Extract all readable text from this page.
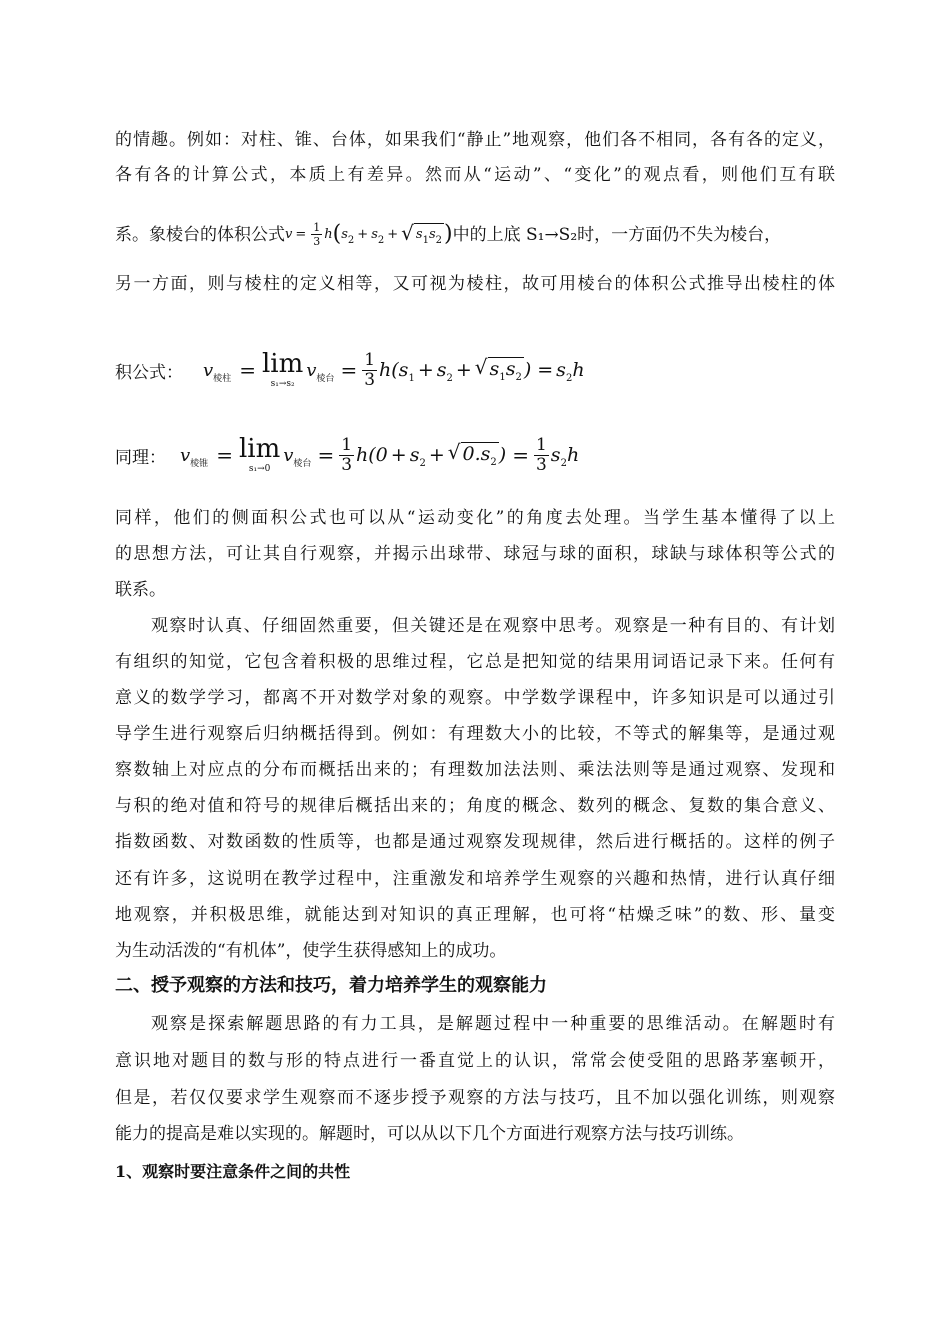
的情趣。例如：对柱、锥、台体，如果我们“静止”地观察，他们各不相同，各有各的定义，
各有各的计算公式，本质上有差异。然而从“运动”、“变化”的观点看，则他们互有联
系。象棱台的体积公式$v = \frac{1}{3} h(s_2 + s_2$ + √ $s_1s_2$ )中的上底 S₁→S₂时，一方面仍不失为棱台，
另一方面，则与棱柱的定义相等，又可视为棱柱，故可用棱台的体积公式推导出棱柱的体
积公式： $v_{棱柱} = \lim$
s₁→s₂
$v_{棱台} = \frac{1}{3} h(s_1 + s_2$ + √ $s_1s_2$ ) = $s_2h$
同理： $v_{棱锥} = \lim$
s₁→0
$v_{棱台} = \frac{1}{3} h(0 + s_2$ + √ $0.s_2$ ) = $\frac{1}{3} s_2h$
同样，他们的侧面积公式也可以从“运动变化”的角度去处理。当学生基本懂得了以上
的思想方法，可让其自行观察，并揭示出球带、球冠与球的面积，球缺与球体积等公式的
联系。
观察时认真、仔细固然重要，但关键还是在观察中思考。观察是一种有目的、有计划
有组织的知觉，它包含着积极的思维过程，它总是把知觉的结果用词语记录下来。任何有
意义的数学学习，都离不开对数学对象的观察。中学数学课程中，许多知识是可以通过引
导学生进行观察后归纳概括得到。例如：有理数大小的比较，不等式的解集等，是通过观
察数轴上对应点的分布而概括出来的；有理数加法法则、乘法法则等是通过观察、发现和
与积的绝对值和符号的规律后概括出来的；角度的概念、数列的概念、复数的集合意义、
指数函数、对数函数的性质等，也都是通过观察发现规律，然后进行概括的。这样的例子
还有许多，这说明在教学过程中，注重激发和培养学生观察的兴趣和热情，进行认真仔细
地观察，并积极思维，就能达到对知识的真正理解，也可将“枯燥乏味”的数、形、量变
为生动活泼的“有机体”，使学生获得感知上的成功。
二、授予观察的方法和技巧，着力培养学生的观察能力
观察是探索解题思路的有力工具，是解题过程中一种重要的思维活动。在解题时有
意识地对题目的数与形的特点进行一番直觉上的认识，常常会使受阻的思路茅塞顿开，
但是，若仅仅要求学生观察而不逐步授予观察的方法与技巧，且不加以强化训练，则观察
能力的提高是难以实现的。解题时，可以从以下几个方面进行观察方法与技巧训练。
1、观察时要注意条件之间的共性
